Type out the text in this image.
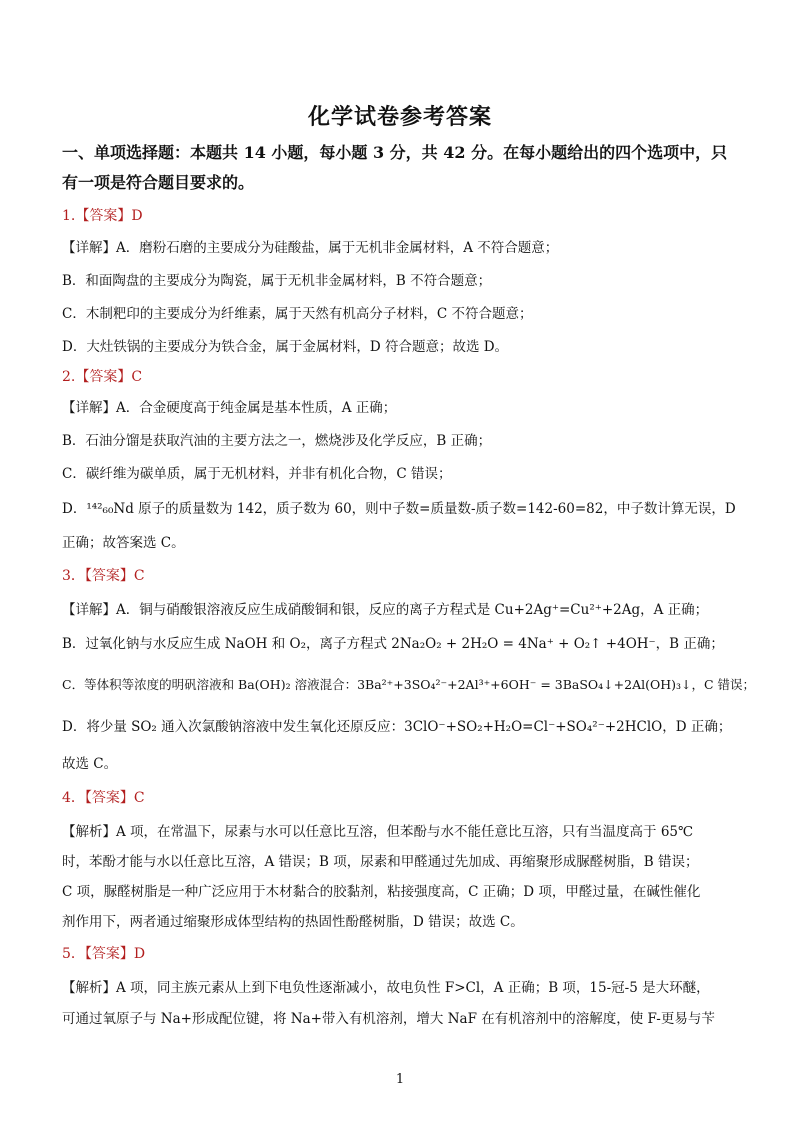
化学试卷参考答案
一、单项选择题：本题共 14 小题，每小题 3 分，共 42 分。在每小题给出的四个选项中，只
有一项是符合题目要求的。
1.【答案】D
【详解】A．磨粉石磨的主要成分为硅酸盐，属于无机非金属材料，A 不符合题意；
B．和面陶盘的主要成分为陶瓷，属于无机非金属材料，B 不符合题意；
C．木制粑印的主要成分为纤维素，属于天然有机高分子材料，C 不符合题意；
D．大灶铁锅的主要成分为铁合金，属于金属材料，D 符合题意；故选 D。
2.【答案】C
【详解】A．合金硬度高于纯金属是基本性质，A 正确；
B．石油分馏是获取汽油的主要方法之一，燃烧涉及化学反应，B 正确；
C．碳纤维为碳单质，属于无机材料，并非有机化合物，C 错误；
D．¹⁴²₆₀Nd 原子的质量数为 142，质子数为 60，则中子数=质量数-质子数=142-60=82，中子数计算无误，D
正确；故答案选 C。
3．【答案】C
【详解】A．铜与硝酸银溶液反应生成硝酸铜和银，反应的离子方程式是 Cu+2Ag⁺=Cu²⁺+2Ag，A 正确；
B．过氧化钠与水反应生成 NaOH 和 O₂，离子方程式 2Na₂O₂ + 2H₂O = 4Na⁺ + O₂↑ +4OH⁻，B 正确；
C．等体积等浓度的明矾溶液和 Ba(OH)₂ 溶液混合：3Ba²⁺+3SO₄²⁻+2Al³⁺+6OH⁻ = 3BaSO₄↓+2Al(OH)₃↓，C 错误；
D．将少量 SO₂ 通入次氯酸钠溶液中发生氧化还原反应：3ClO⁻+SO₂+H₂O=Cl⁻+SO₄²⁻+2HClO，D 正确；
故选 C。
4．【答案】C
【解析】A 项，在常温下，尿素与水可以任意比互溶，但苯酚与水不能任意比互溶，只有当温度高于 65℃
时，苯酚才能与水以任意比互溶，A 错误；B 项，尿素和甲醛通过先加成、再缩聚形成脲醛树脂，B 错误；
C 项，脲醛树脂是一种广泛应用于木材黏合的胶黏剂，粘接强度高，C 正确；D 项，甲醛过量，在碱性催化
剂作用下，两者通过缩聚形成体型结构的热固性酚醛树脂，D 错误；故选 C。
5．【答案】D
【解析】A 项，同主族元素从上到下电负性逐渐减小，故电负性 F>Cl，A 正确；B 项，15-冠-5 是大环醚，
可通过氧原子与 Na+形成配位键，将 Na+带入有机溶剂，增大 NaF 在有机溶剂中的溶解度，使 F-更易与苄
1
